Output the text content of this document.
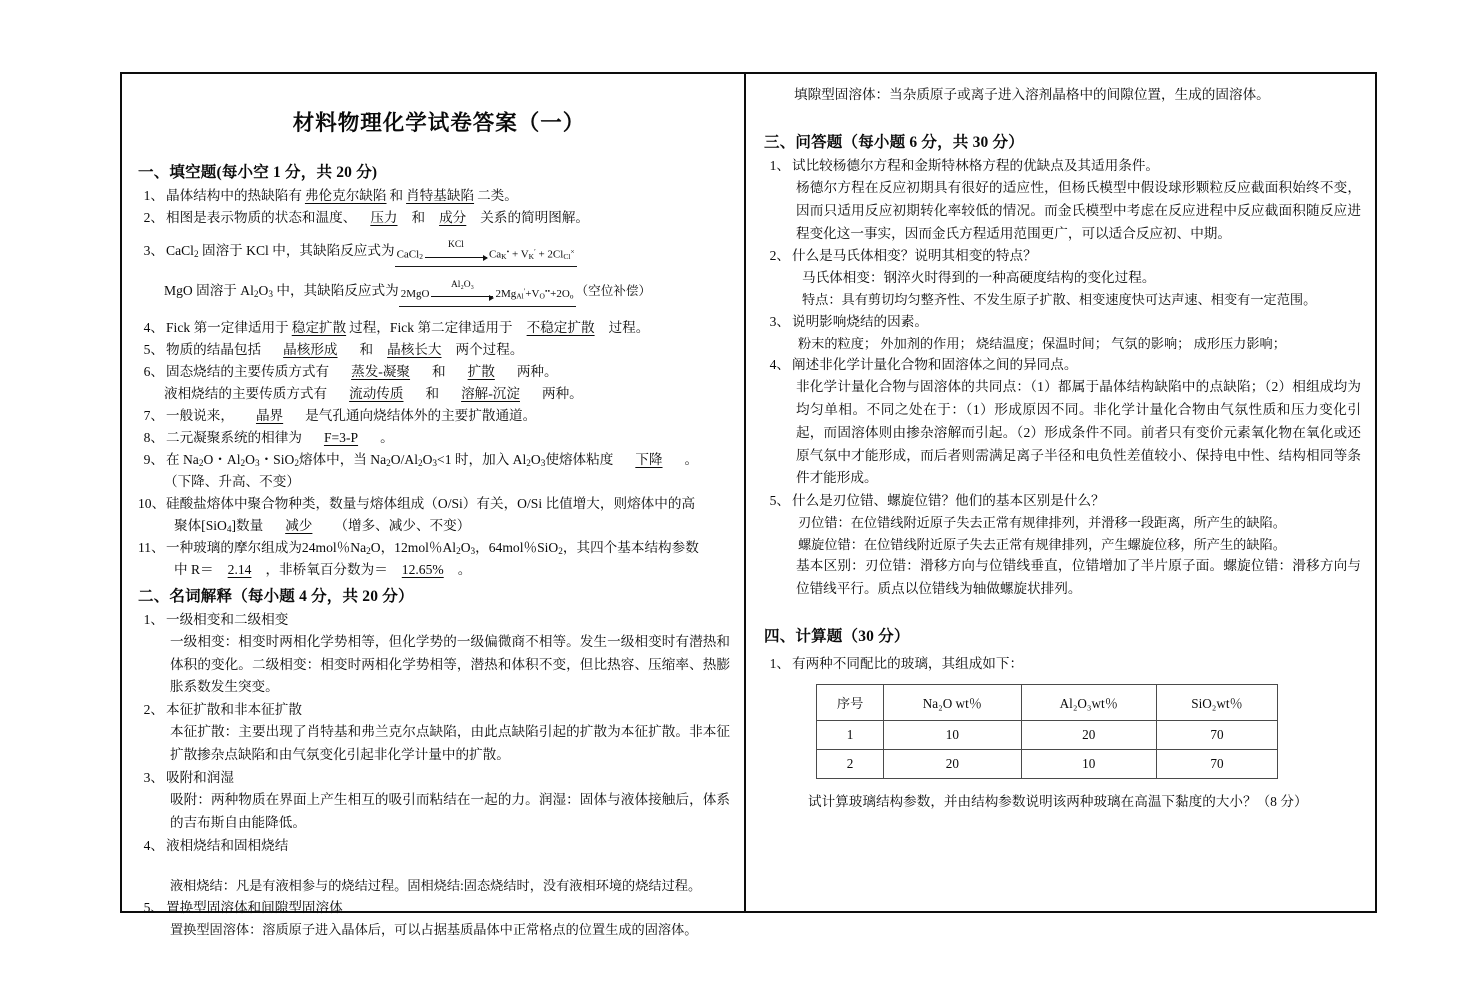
材料物理化学试卷答案（一）
一、填空题(每小空 1 分，共 20 分)
1、 晶体结构中的热缺陷有 弗伦克尔缺陷 和 肖特基缺陷 二类。
2、 相图是表示物质的状态和温度、 压力 和 成分 关系的简明图解。
3、 CaCl$_2$ 固溶于 KCl 中，其缺陷反应式为 CaCl$_2$
KCl
$Ca_K^• + V_K' + 2Cl_{Cl}^\times$
MgO 固溶于 $Al_2O_3$ 中，其缺陷反应式为 2MgO
Al₂O₃
$2Mg_{Al}'+V_O^{••}+2O_o$ （空位补偿）
4、 Fick 第一定律适用于 稳定扩散 过程，Fick 第二定律适用于 不稳定扩散 过程。
5、 物质的结晶包括 晶核形成 和 晶核长大 两个过程。
6、 固态烧结的主要传质方式有 蒸发-凝聚 和 扩散 两种。
液相烧结的主要传质方式有 流动传质 和 溶解-沉淀 两种。
7、 一般说来， 晶界 是气孔通向烧结体外的主要扩散通道。
8、 二元凝聚系统的相律为 F=3-P 。
9、 在 $Na_2O$・$Al_2O_3$・SiO$_2$熔体中，当 $Na_2O/Al_2O_3<1$ 时，加入 $Al_2O_3$使熔体粘度 下降 。
（下降、升高、不变）
10、硅酸盐熔体中聚合物种类，数量与熔体组成（O/Si）有关，O/Si 比值增大，则熔体中的高
聚体[SiO$_4$]数量 减少 （增多、减少、不变）
11、一种玻璃的摩尔组成为24mol％$Na_2O$，12mol％$Al_2O_3$，64mol％SiO$_2$，其四个基本结构参数
中 R＝ 2.14 ，非桥氧百分数为＝ 12.65% 。
二、名词解释（每小题 4 分，共 20 分）
1、 一级相变和二级相变
一级相变：相变时两相化学势相等，但化学势的一级偏微商不相等。发生一级相变时有潜热和体积的变化。二级相变：相变时两相化学势相等，潜热和体积不变，但比热容、压缩率、热膨胀系数发生突变。
2、 本征扩散和非本征扩散
本征扩散：主要出现了肖特基和弗兰克尔点缺陷，由此点缺陷引起的扩散为本征扩散。非本征扩散掺杂点缺陷和由气氛变化引起非化学计量中的扩散。
3、 吸附和润湿
吸附：两种物质在界面上产生相互的吸引而粘结在一起的力。润湿：固体与液体接触后，体系的吉布斯自由能降低。
4、 液相烧结和固相烧结
液相烧结：凡是有液相参与的烧结过程。固相烧结:固态烧结时，没有液相环境的烧结过程。
5、 置换型固溶体和间隙型固溶体
置换型固溶体：溶质原子进入晶体后，可以占据基质晶体中正常格点的位置生成的固溶体。
填隙型固溶体：当杂质原子或离子进入溶剂晶格中的间隙位置，生成的固溶体。
三、问答题（每小题 6 分，共 30 分）
1、 试比较杨德尔方程和金斯特林格方程的优缺点及其适用条件。
杨德尔方程在反应初期具有很好的适应性，但杨氏模型中假设球形颗粒反应截面积始终不变，因而只适用反应初期转化率较低的情况。而金氏模型中考虑在反应进程中反应截面积随反应进程变化这一事实，因而金氏方程适用范围更广，可以适合反应初、中期。
2、 什么是马氏体相变？说明其相变的特点？
马氏体相变：钢淬火时得到的一种高硬度结构的变化过程。
特点：具有剪切均匀整齐性、不发生原子扩散、相变速度快可达声速、相变有一定范围。
3、 说明影响烧结的因素。
粉末的粒度； 外加剂的作用； 烧结温度；保温时间； 气氛的影响； 成形压力影响；
4、 阐述非化学计量化合物和固溶体之间的异同点。
非化学计量化合物与固溶体的共同点：（1）都属于晶体结构缺陷中的点缺陷；（2）相组成均为均匀单相。不同之处在于：（1）形成原因不同。非化学计量化合物由气氛性质和压力变化引起，而固溶体则由掺杂溶解而引起。（2）形成条件不同。前者只有变价元素氧化物在氧化或还原气氛中才能形成，而后者则需满足离子半径和电负性差值较小、保持电中性、结构相同等条件才能形成。
5、 什么是刃位错、螺旋位错？他们的基本区别是什么？
刃位错：在位错线附近原子失去正常有规律排列，并滑移一段距离，所产生的缺陷。
螺旋位错：在位错线附近原子失去正常有规律排列，产生螺旋位移，所产生的缺陷。
基本区别：刃位错：滑移方向与位错线垂直，位错增加了半片原子面。螺旋位错：滑移方向与位错线平行。质点以位错线为轴做螺旋状排列。
四、计算题（30 分）
1、 有两种不同配比的玻璃，其组成如下：
序号	Na₂O wt％	Al₂O₃wt％	SiO₂wt％
1	10	20	70
2	20	10	70
试计算玻璃结构参数，并由结构参数说明该两种玻璃在高温下黏度的大小？（8 分）
